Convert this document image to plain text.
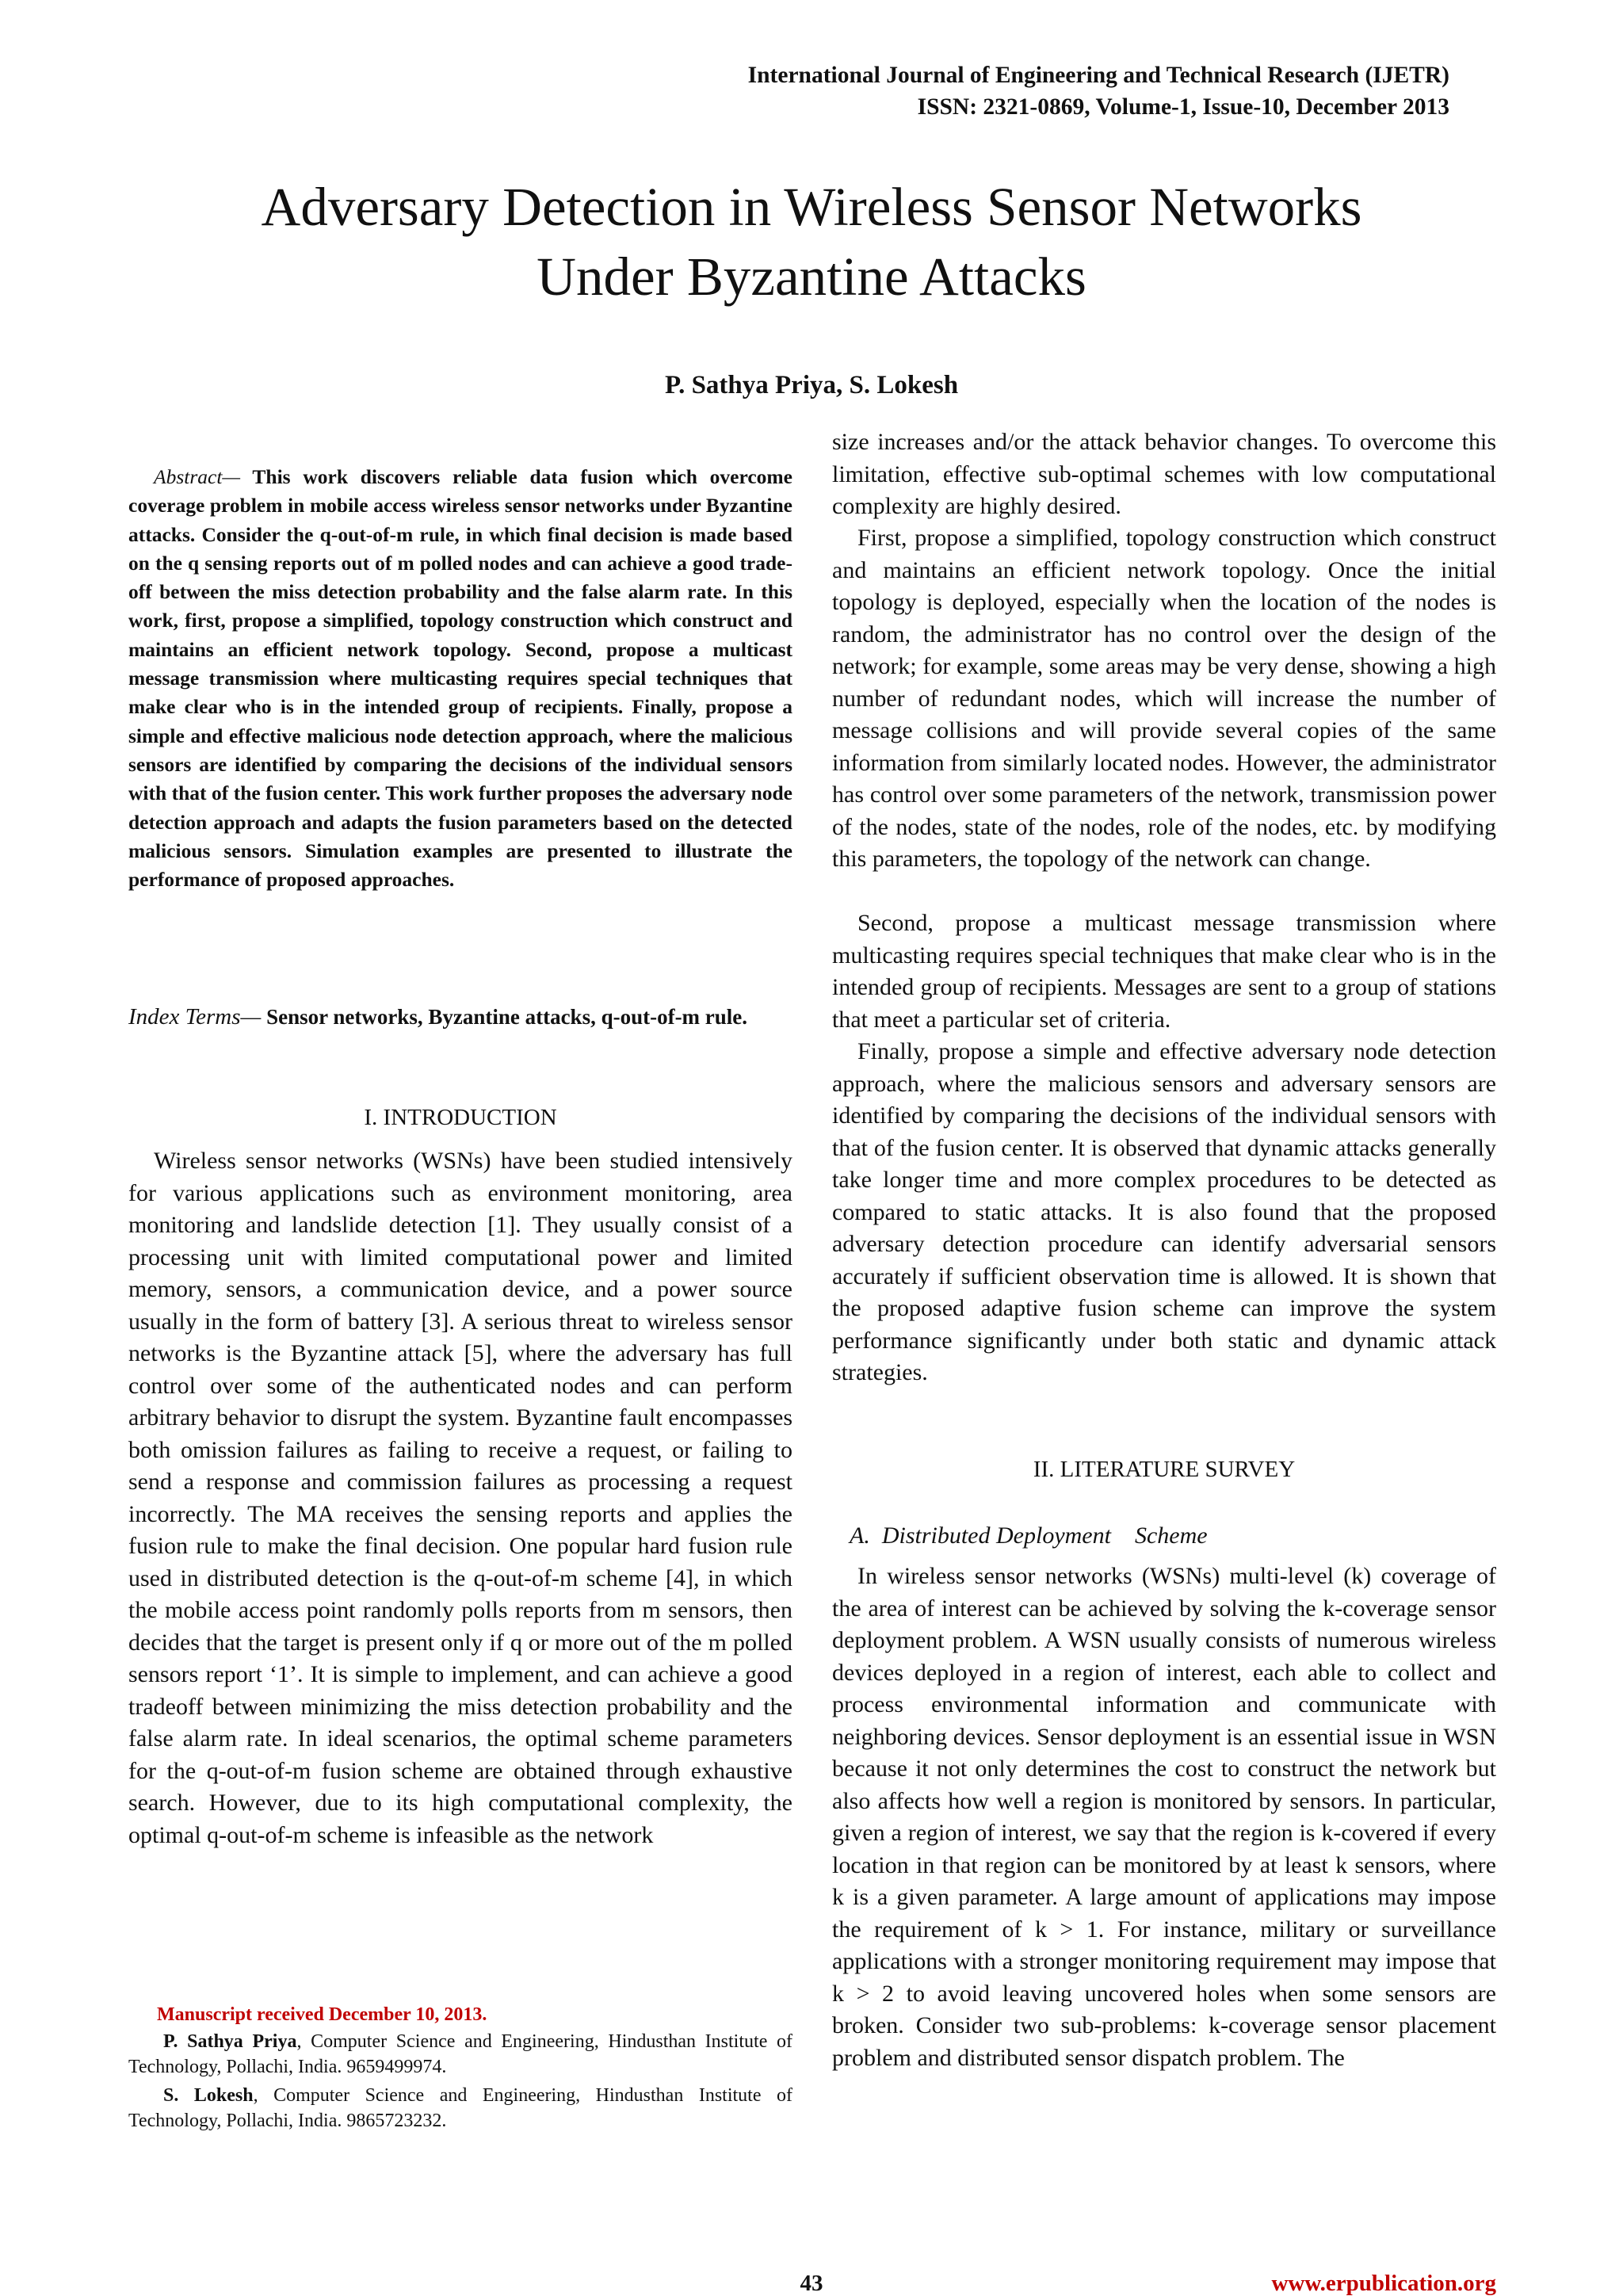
International Journal of Engineering and Technical Research (IJETR)
ISSN: 2321-0869, Volume-1, Issue-10, December 2013
Adversary Detection in Wireless Sensor Networks
Under Byzantine Attacks
P. Sathya Priya, S. Lokesh

Abstract— This work discovers reliable data fusion which overcome coverage problem in mobile access wireless sensor networks under Byzantine attacks. Consider the q-out-of-m rule, in which final decision is made based on the q sensing reports out of m polled nodes and can achieve a good trade-off between the miss detection probability and the false alarm rate. In this work, first, propose a simplified, topology construction which construct and maintains an efficient network topology. Second, propose a multicast message transmission where multicasting requires special techniques that make clear who is in the intended group of recipients. Finally, propose a simple and effective malicious node detection approach, where the malicious sensors are identified by comparing the decisions of the individual sensors with that of the fusion center. This work further proposes the adversary node detection approach and adapts the fusion parameters based on the detected malicious sensors. Simulation examples are presented to illustrate the performance of proposed approaches.

Index Terms— Sensor networks, Byzantine attacks, q-out-of-m rule.

I. INTRODUCTION

Wireless sensor networks (WSNs) have been studied intensively for various applications such as environment monitoring, area monitoring and landslide detection [1]. They usually consist of a processing unit with limited computational power and limited memory, sensors, a communication device, and a power source usually in the form of battery [3]. A serious threat to wireless sensor networks is the Byzantine attack [5], where the adversary has full control over some of the authenticated nodes and can perform arbitrary behavior to disrupt the system. Byzantine fault encompasses both omission failures as failing to receive a request, or failing to send a response and commission failures as processing a request incorrectly. The MA receives the sensing reports and applies the fusion rule to make the final decision. One popular hard fusion rule used in distributed detection is the q-out-of-m scheme [4], in which the mobile access point randomly polls reports from m sensors, then decides that the target is present only if q or more out of the m polled sensors report ‘1’. It is simple to implement, and can achieve a good tradeoff between minimizing the miss detection probability and the false alarm rate. In ideal scenarios, the optimal scheme parameters for the q-out-of-m fusion scheme are obtained through exhaustive search. However, due to its high computational complexity, the optimal q-out-of-m scheme is infeasible as the network

Manuscript received December 10, 2013.

P. Sathya Priya, Computer Science and Engineering, Hindusthan Institute of Technology, Pollachi, India. 9659499974.

S. Lokesh, Computer Science and Engineering, Hindusthan Institute of Technology, Pollachi, India. 9865723232.

size increases and/or the attack behavior changes. To overcome this limitation, effective sub-optimal schemes with low computational complexity are highly desired.

First, propose a simplified, topology construction which construct and maintains an efficient network topology. Once the initial topology is deployed, especially when the location of the nodes is random, the administrator has no control over the design of the network; for example, some areas may be very dense, showing a high number of redundant nodes, which will increase the number of message collisions and will provide several copies of the same information from similarly located nodes. However, the administrator has control over some parameters of the network, transmission power of the nodes, state of the nodes, role of the nodes, etc. by modifying this parameters, the topology of the network can change.

Second, propose a multicast message transmission where multicasting requires special techniques that make clear who is in the intended group of recipients. Messages are sent to a group of stations that meet a particular set of criteria.

Finally, propose a simple and effective adversary node detection approach, where the malicious sensors and adversary sensors are identified by comparing the decisions of the individual sensors with that of the fusion center. It is observed that dynamic attacks generally take longer time and more complex procedures to be detected as compared to static attacks. It is also found that the proposed adversary detection procedure can identify adversarial sensors accurately if sufficient observation time is allowed. It is shown that the proposed adaptive fusion scheme can improve the system performance significantly under both static and dynamic attack strategies.

II. LITERATURE SURVEY
A. Distributed Deployment    Scheme

In wireless sensor networks (WSNs) multi-level (k) coverage of the area of interest can be achieved by solving the k-coverage sensor deployment problem. A WSN usually consists of numerous wireless devices deployed in a region of interest, each able to collect and process environmental information and communicate with neighboring devices. Sensor deployment is an essential issue in WSN because it not only determines the cost to construct the network but also affects how well a region is monitored by sensors. In particular, given a region of interest, we say that the region is k-covered if every location in that region can be monitored by at least k sensors, where k is a given parameter. A large amount of applications may impose the requirement of k > 1. For instance, military or surveillance applications with a stronger monitoring requirement may impose that k > 2 to avoid leaving uncovered holes when some sensors are broken. Consider two sub-problems: k-coverage sensor placement problem and distributed sensor dispatch problem. The

43	www.erpublication.org
